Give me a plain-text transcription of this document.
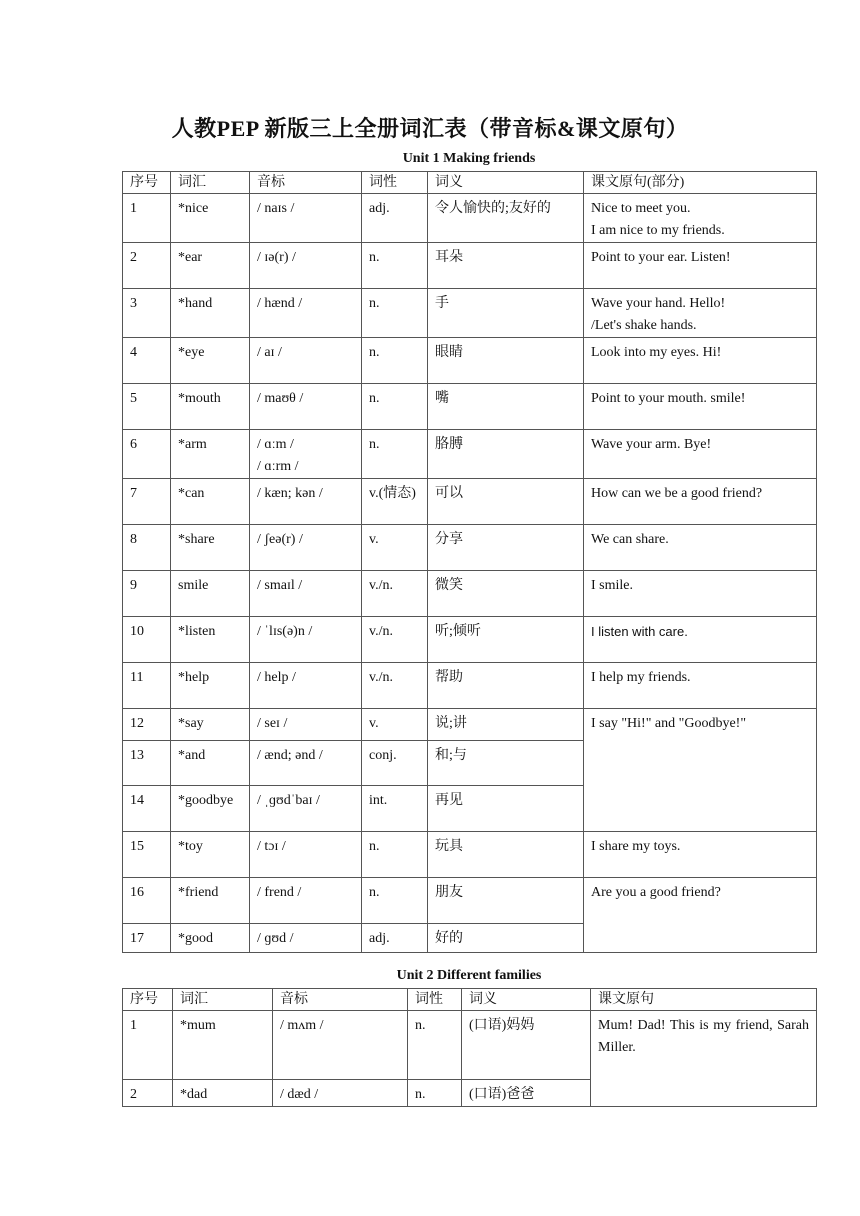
人教PEP 新版三上全册词汇表（带音标&课文原句）
Unit 1 Making friends
序号	词汇	音标	词性	词义	课文原句(部分)
1	*nice	/ naɪs /	adj.	令人愉快的;友好的	Nice to meet you.
I am nice to my friends.

2	*ear	/ ɪə(r) /	n.	耳朵	Point to your ear. Listen!

3	*hand	/ hænd /	n.	手	Wave your hand. Hello!
/Let's shake hands.

4	*eye	/ aɪ /	n.	眼睛	Look into my eyes. Hi!

5	*mouth	/ maʊθ /	n.	嘴	Point to your mouth. smile!

6	*arm	/ ɑːm /
/ ɑːrm /	n.	胳膊	Wave your arm. Bye!

7	*can	/ kæn; kən /	v.(情态)	可以	How can we be a good friend?

8	*share	/ ʃeə(r) /	v.	分享	We can share.

9	smile	/ smaɪl /	v./n.	微笑	I smile.

10	*listen	/ ˈlɪs(ə)n /	v./n.	听;倾听	I listen with care.

11	*help	/ help /	v./n.	帮助	I help my friends.

12	*say	/ seɪ /	v.	说;讲	I say "Hi!" and "Goodbye!"

13	*and	/ ænd; ənd /	conj.	和;与	
14	*goodbye	/ ˌɡʊdˈbaɪ /	int.	再见	
15	*toy	/ tɔɪ /	n.	玩具	I share my toys.

16	*friend	/ frend /	n.	朋友	Are you a good friend?

17	*good	/ ɡʊd /	adj.	好的	
Unit 2 Different families
序号	词汇	音标	词性	词义	课文原句
1	*mum	/ mʌm /	n.	(口语)妈妈	Mum! Dad! This is my friend, Sarah Miller.

2	*dad	/ dæd /	n.	(口语)爸爸	
